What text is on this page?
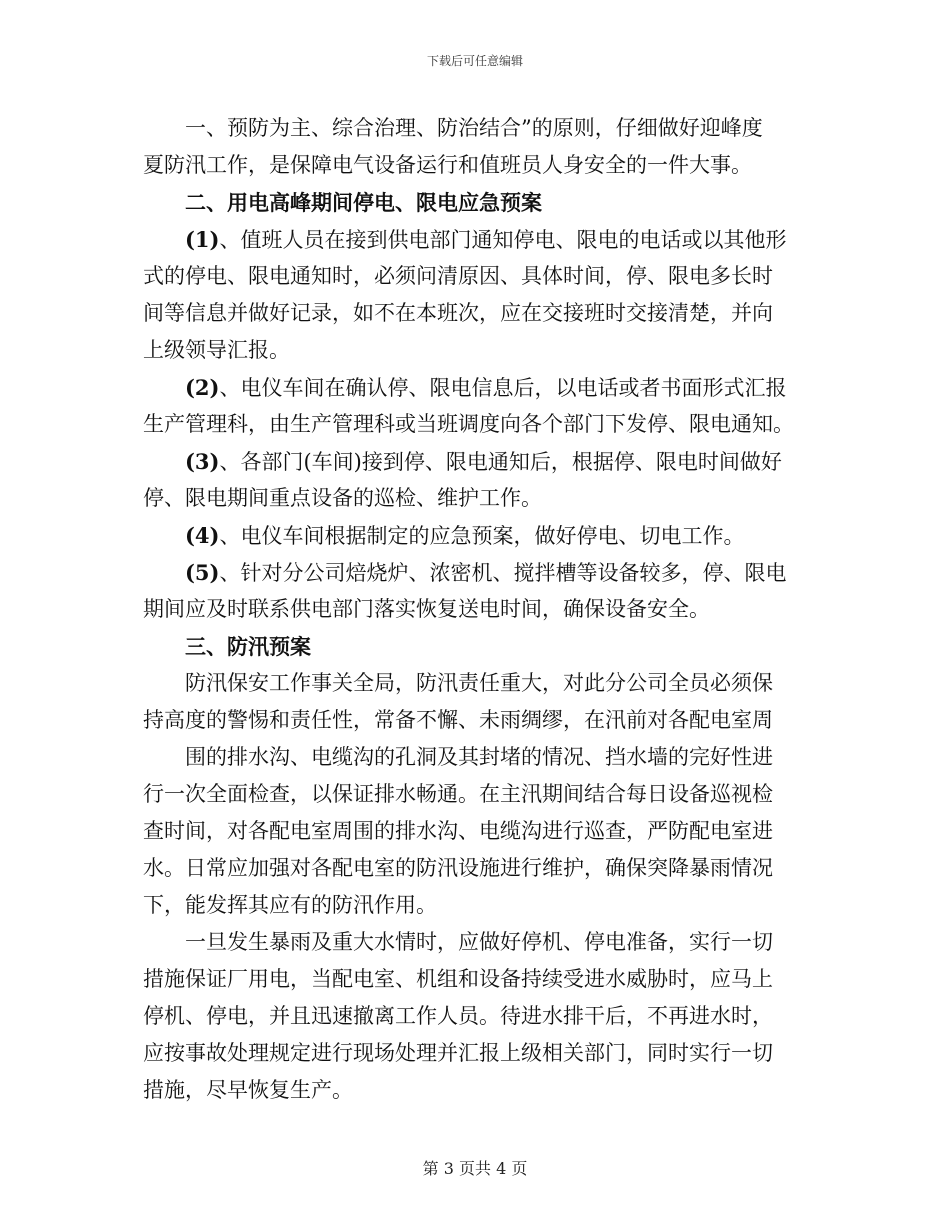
下载后可任意编辑
一、预防为主、综合治理、防治结合”的原则，仔细做好迎峰度
夏防汛工作，是保障电气设备运行和值班员人身安全的一件大事。
二、用电高峰期间停电、限电应急预案
(1)、值班人员在接到供电部门通知停电、限电的电话或以其他形
式的停电、限电通知时，必须问清原因、具体时间，停、限电多长时
间等信息并做好记录，如不在本班次，应在交接班时交接清楚，并向
上级领导汇报。
(2)、电仪车间在确认停、限电信息后，以电话或者书面形式汇报
生产管理科，由生产管理科或当班调度向各个部门下发停、限电通知。
(3)、各部门(车间)接到停、限电通知后，根据停、限电时间做好
停、限电期间重点设备的巡检、维护工作。
(4)、电仪车间根据制定的应急预案，做好停电、切电工作。
(5)、针对分公司焙烧炉、浓密机、搅拌槽等设备较多，停、限电
期间应及时联系供电部门落实恢复送电时间，确保设备安全。
三、防汛预案
防汛保安工作事关全局，防汛责任重大，对此分公司全员必须保
持高度的警惕和责任性，常备不懈、未雨绸缪，在汛前对各配电室周
围的排水沟、电缆沟的孔洞及其封堵的情况、挡水墙的完好性进
行一次全面检查，以保证排水畅通。在主汛期间结合每日设备巡视检
查时间，对各配电室周围的排水沟、电缆沟进行巡查，严防配电室进
水。日常应加强对各配电室的防汛设施进行维护，确保突降暴雨情况
下，能发挥其应有的防汛作用。
一旦发生暴雨及重大水情时，应做好停机、停电准备，实行一切
措施保证厂用电，当配电室、机组和设备持续受进水威胁时，应马上
停机、停电，并且迅速撤离工作人员。待进水排干后，不再进水时，
应按事故处理规定进行现场处理并汇报上级相关部门，同时实行一切
措施，尽早恢复生产。
第 3 页共 4 页
